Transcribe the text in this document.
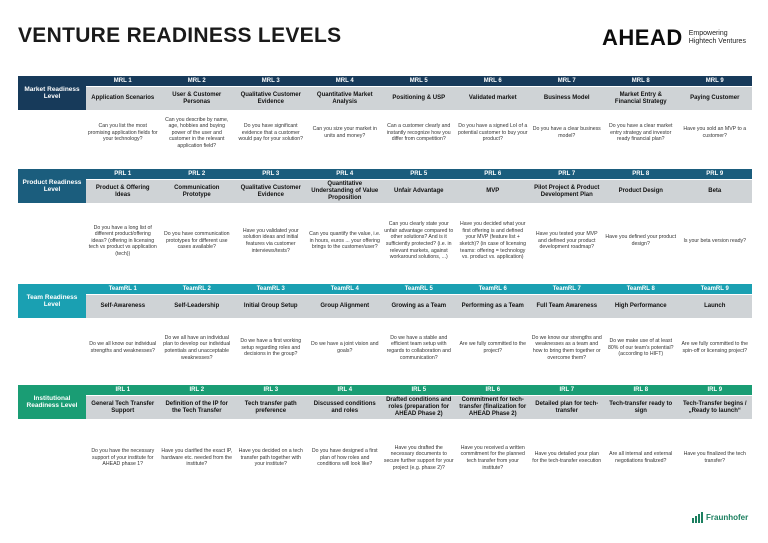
VENTURE READINESS LEVELS	AHEAD Empowering
Hightech Ventures
Market Readiness Level
MRL 1
Application Scenarios
Can you list the most promising application fields for your technology?
MRL 2
User & Customer Personas
Can you describe by name, age, hobbies and buying power of the user and customer in the relevant application field?
MRL 3
Qualitative Customer Evidence
Do you have significant evidence that a customer would pay for your solution?
MRL 4
Quantitative Market Analysis
Can you size your market in units and money?
MRL 5
Positioning & USP
Can a customer clearly and instantly recognize how you differ from competition?
MRL 6
Validated market
Do you have a signed LoI of a potential customer to buy your product?
MRL 7
Business Model
Do you have a clear business model?
MRL 8
Market Entry & Financial Strategy
Do you have a clear market entry strategy and investor ready financial plan?
MRL 9
Paying Customer
Have you sold an MVP to a customer?
Product Readiness Level
PRL 1
Product & Offering Ideas
Do you have a long list of different product/offering ideas? (offering in licensing tech vs product vs application (tech))
PRL 2
Communication Prototype
Do you have communication prototypes for different use cases available?
PRL 3
Qualitative Customer Evidence
Have you validated your solution ideas and initial features via customer interviews/tests?
PRL 4
Quantitative Understanding of Value Proposition
Can you quantify the value, i.e. in hours, euros ... your offering brings to the customer/user?
PRL 5
Unfair Advantage
Can you clearly state your unfair advantage compared to other solutions? And is it sufficiently protected? (i.e. in relevant markets, against workaround solutions, ...)
PRL 6
MVP
Have you decided what your first offering is and defined your MVP (feature list + sketch)? (in case of licensing teams: offering = technology vs. product vs. application)
PRL 7
Pilot Project & Product Development Plan
Have you tested your MVP and defined your product development roadmap?
PRL 8
Product Design
Have you defined your product design?
PRL 9
Beta
Is your beta version ready?
Team Readiness Level
TeamRL 1
Self-Awareness
Do we all know our individual strengths and weaknesses?
TeamRL 2
Self-Leadership
Do we all have an individual plan to develop our individual potentials and unacceptable weaknesses?
TeamRL 3
Initial Group Setup
Do we have a first working setup regarding roles and decisions in the group?
TeamRL 4
Group Alignment
Do we have a joint vision and goals?
TeamRL 5
Growing as a Team
Do we have a stable and efficient team setup with regards to collaboration and communication?
TeamRL 6
Performing as a Team
Are we fully committed to the project?
TeamRL 7
Full Team Awareness
Do we know our strengths and weaknesses as a team and how to bring them together or overcome them?
TeamRL 8
High Performance
Do we make use of at least 80% of our team's potential? (according to HIFT)
TeamRL 9
Launch
Are we fully committed to the spin-off or licensing project?
Institutional Readiness Level
IRL 1
General Tech Transfer Support
Do you have the necessary support of your institute for AHEAD phase 1?
IRL 2
Definition of the IP for the Tech Transfer
Have you clarified the exact IP, hardware etc. needed from the institute?
IRL 3
Tech transfer path preference
Have you decided on a tech transfer path together with your institute?
IRL 4
Discussed conditions and roles
Do you have designed a first plan of how roles and conditions will look like?
IRL 5
Drafted conditions and roles (preparation for AHEAD Phase 2)
Have you drafted the necessary documents to secure further support for your project (e.g. phase 2)?
IRL 6
Commitment for tech-transfer (finalization for AHEAD Phase 2)
Have you received a written commitment for the planned tech transfer from your institute?
IRL 7
Detailed plan for tech-transfer
Have you detailed your plan for the tech-transfer execution
IRL 8
Tech-transfer ready to sign
Are all internal and external negotiations finalized?
IRL 9
Tech-Transfer begins / „Ready to launch“
Have you finalized the tech transfer?
Fraunhofer
